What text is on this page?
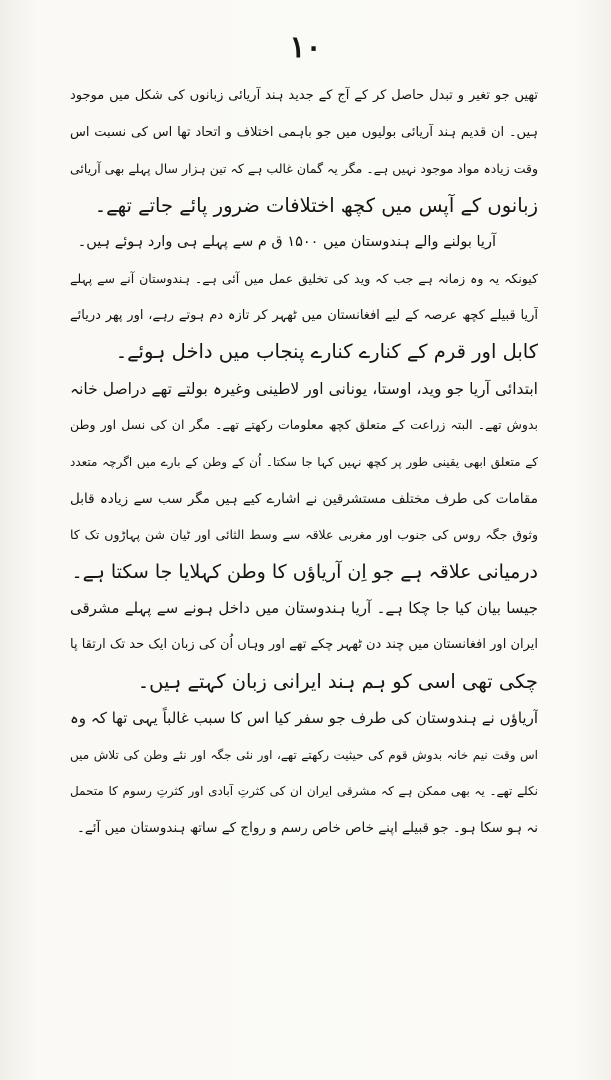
۱۰
تھیں جو تغیر و تبدل حاصل کر کے آج کے جدید ہند آریائی زبانوں کی شکل میں موجود
ہیں۔ ان قدیم ہند آریائی بولیوں میں جو باہمی اختلاف و اتحاد تھا اس کی نسبت اس
وقت زیادہ مواد موجود نہیں ہے۔ مگر یہ گمان غالب ہے کہ تین ہزار سال پہلے بھی آریائی
زبانوں کے آپس میں کچھ اختلافات ضرور پائے جاتے تھے۔
آریا بولنے والے ہندوستان میں ۱۵۰۰ ق م سے پہلے ہی وارد ہوئے ہیں۔
کیونکہ یہ وہ زمانہ ہے جب کہ وید کی تخلیق عمل میں آئی ہے۔ ہندوستان آنے سے پہلے
آریا قبیلے کچھ عرصہ کے لیے افغانستان میں ٹھہر کر تازہ دم ہوتے رہے، اور پھر دریائے
کابل اور قرم کے کنارے کنارے پنجاب میں داخل ہوئے۔
ابتدائی آریا جو وید، اوستا، یونانی اور لاطینی وغیرہ بولتے تھے دراصل خانہ
بدوش تھے۔ البتہ زراعت کے متعلق کچھ معلومات رکھتے تھے۔ مگر ان کی نسل اور وطن
کے متعلق ابھی یقینی طور پر کچھ نہیں کہا جا سکتا۔ اُن کے وطن کے بارے میں اگرچہ متعدد
مقامات کی طرف مختلف مستشرقین نے اشارے کیے ہیں مگر سب سے زیادہ قابل
وثوق جگہ روس کی جنوب اور مغربی علاقہ سے وسط الثائی اور ٹیان شن پہاڑوں تک کا
درمیانی علاقہ ہے جو اِن آریاؤں کا وطن کہلایا جا سکتا ہے۔
جیسا بیان کیا جا چکا ہے۔ آریا ہندوستان میں داخل ہونے سے پہلے مشرقی
ایران اور افغانستان میں چند دن ٹھہر چکے تھے اور وہاں اُن کی زبان ایک حد تک ارتقا پا
چکی تھی اسی کو ہم ہند ایرانی زبان کہتے ہیں۔
آریاؤں نے ہندوستان کی طرف جو سفر کیا اس کا سبب غالباً یہی تھا کہ وہ
اس وقت نیم خانہ بدوش قوم کی حیثیت رکھتے تھے، اور نئی جگہ اور نئے وطن کی تلاش میں
نکلے تھے۔ یہ بھی ممکن ہے کہ مشرقی ایران ان کی کثرتِ آبادی اور کثرتِ رسوم کا متحمل
نہ ہو سکا ہو۔ جو قبیلے اپنے خاص خاص رسم و رواج کے ساتھ ہندوستان میں آئے۔
